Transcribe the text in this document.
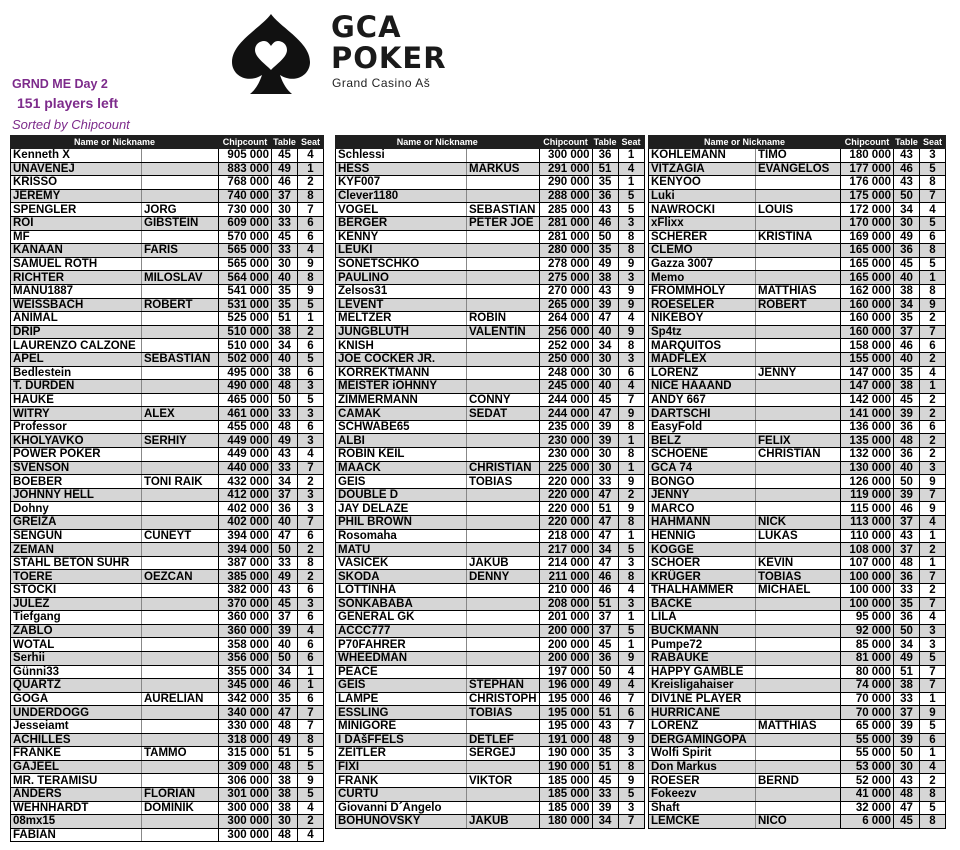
GCA
POKER
Grand Casino Aš
GRND ME Day 2
151 players left
Sorted by Chipcount
Name or Nickname		Chipcount	Table	Seat
Kenneth X		905 000	45	4
UNAVENEJ		883 000	49	1
KRISSO		768 000	46	2
JEREMY		740 000	37	8
SPENGLER	JORG	730 000	30	7
ROI	GIBSTEIN	609 000	33	6
MF		570 000	45	6
KANAAN	FARIS	565 000	33	4
SAMUEL ROTH		565 000	30	9
RICHTER	MILOSLAV	564 000	40	8
MANU1887		541 000	35	9
WEISSBACH	ROBERT	531 000	35	5
ANIMAL		525 000	51	1
DRIP		510 000	38	2
LAURENZO CALZONE		510 000	34	6
APEL	SEBASTIAN	502 000	40	5
Bedlestein		495 000	38	6
T. DURDEN		490 000	48	3
HAUKE		465 000	50	5
WITRY	ALEX	461 000	33	3
Professor		455 000	48	6
KHOLYAVKO	SERHIY	449 000	49	3
POWER POKER		449 000	43	4
SVENSON		440 000	33	7
BOEBER	TONI RAIK	432 000	34	2
JOHNNY HELL		412 000	37	3
Dohny		402 000	36	3
GREIZA		402 000	40	7
SENGUN	CUNEYT	394 000	47	6
ZEMAN		394 000	50	2
STAHL BETON SUHR		387 000	33	8
TOERE	OEZCAN	385 000	49	2
STOCKI		382 000	43	6
JULEZ		370 000	45	3
Tiefgang		360 000	37	6
ZABLO		360 000	39	4
WOTAL		358 000	40	6
Serhii		356 000	50	6
Günni33		355 000	34	1
QUARTZ		345 000	46	1
GOGA	AURELIAN	342 000	35	6
UNDERDOGG		340 000	47	7
Jesseiamt		330 000	48	7
ACHILLES		318 000	49	8
FRANKE	TAMMO	315 000	51	5
GAJEEL		309 000	48	5
MR. TERAMISU		306 000	38	9
ANDERS	FLORIAN	301 000	38	5
WEHNHARDT	DOMINIK	300 000	38	4
08mx15		300 000	30	2
FABIAN		300 000	48	4
Name or Nickname		Chipcount	Table	Seat
Schlessi		300 000	36	1
HESS	MARKUS	291 000	51	4
KYF007		290 000	35	1
Clever1180		288 000	36	5
VOGEL	SEBASTIAN	285 000	43	5
BERGER	PETER JOE	281 000	46	3
KENNY		281 000	50	8
LEUKI		280 000	35	8
SONETSCHKO		278 000	49	9
PAULINO		275 000	38	3
Zelsos31		270 000	43	9
LEVENT		265 000	39	9
MELTZER	ROBIN	264 000	47	4
JUNGBLUTH	VALENTIN	256 000	40	9
KNISH		252 000	34	8
JOE COCKER JR.		250 000	30	3
KORREKTMANN		248 000	30	6
MEISTER iOHNNY		245 000	40	4
ZIMMERMANN	CONNY	244 000	45	7
CAMAK	SEDAT	244 000	47	9
SCHWABE65		235 000	39	8
ALBI		230 000	39	1
ROBIN KEIL		230 000	30	8
MAACK	CHRISTIAN	225 000	30	1
GEIS	TOBIAS	220 000	33	9
DOUBLE D		220 000	47	2
JAY DELAZE		220 000	51	9
PHIL BROWN		220 000	47	8
Rosomaha		218 000	47	1
MATU		217 000	34	5
VASICEK	JAKUB	214 000	47	3
SKODA	DENNY	211 000	46	8
LOTTINHA		210 000	46	4
SONKABABA		208 000	51	3
GENERAL GK		201 000	37	1
ACCC777		200 000	37	5
P70FAHRER		200 000	45	1
WHEEDMAN		200 000	36	9
PEACE		197 000	50	4
GEIS	STEPHAN	196 000	49	4
LAMPE	CHRISTOPH	195 000	46	7
ESSLING	TOBIAS	195 000	51	6
MINIGORE		195 000	43	7
I DÅšFFELS	DETLEF	191 000	48	9
ZEITLER	SERGEJ	190 000	35	3
FIXI		190 000	51	8
FRANK	VIKTOR	185 000	45	9
CURTU		185 000	33	5
Giovanni D´Angelo		185 000	39	3
BOHUNOVSKY	JAKUB	180 000	34	7
Name or Nickname		Chipcount	Table	Seat
KOHLEMANN	TIMO	180 000	43	3
VITZAGIA	EVANGELOS	177 000	46	5
KENYOO		176 000	43	8
Luki		175 000	50	7
NAWROCKI	LOUIS	172 000	34	4
xFlixx		170 000	30	5
SCHERER	KRISTINA	169 000	49	6
CLEMO		165 000	36	8
Gazza 3007		165 000	45	5
Memo		165 000	40	1
FROMMHOLY	MATTHIAS	162 000	38	8
ROESELER	ROBERT	160 000	34	9
NIKEBOY		160 000	35	2
Sp4tz		160 000	37	7
MARQUITOS		158 000	46	6
MADFLEX		155 000	40	2
LORENZ	JENNY	147 000	35	4
NICE HAAAND		147 000	38	1
ANDY 667		142 000	45	2
DARTSCHI		141 000	39	2
EasyFold		136 000	36	6
BELZ	FELIX	135 000	48	2
SCHOENE	CHRISTIAN	132 000	36	2
GCA 74		130 000	40	3
BONGO		126 000	50	9
JENNY		119 000	39	7
MARCO		115 000	46	9
HAHMANN	NICK	113 000	37	4
HENNIG	LUKAS	110 000	43	1
KOGGE		108 000	37	2
SCHOER	KEVIN	107 000	48	1
KRÜGER	TOBIAS	100 000	36	7
THALHAMMER	MICHAEL	100 000	33	2
BACKE		100 000	35	7
LILA		95 000	36	4
BUCKMANN		92 000	50	3
Pumpe72		85 000	34	3
RABAUKE		81 000	49	5
HAPPY GAMBLE		80 000	51	7
Kreisligahaiser		74 000	38	7
DIV1NE PLAYER		70 000	33	1
HURRICANE		70 000	37	9
LORENZ	MATTHIAS	65 000	39	5
DERGAMINGOPA		55 000	39	6
Wolfi Spirit		55 000	50	1
Don Markus		53 000	30	4
ROESER	BERND	52 000	43	2
Fokeezv		41 000	48	8
Shaft		32 000	47	5
LEMCKE	NICO	6 000	45	8
